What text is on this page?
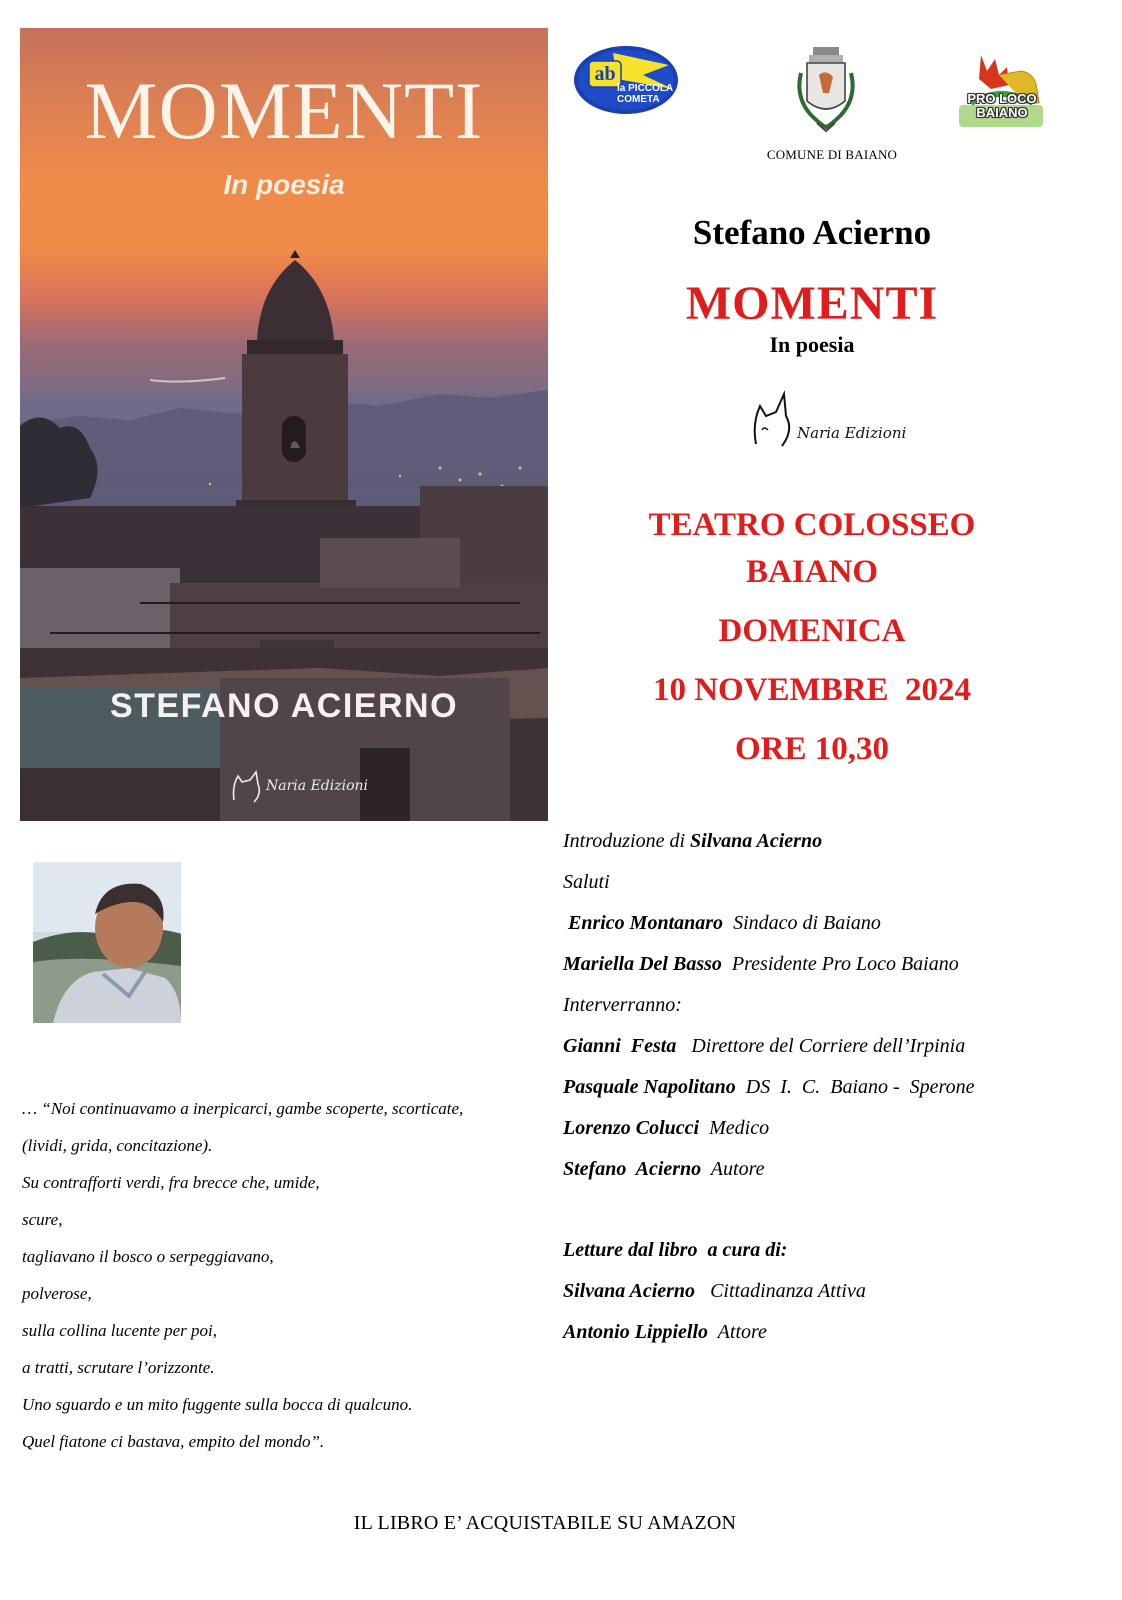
MOMENTI
In poesia
STEFANO ACIERNO
Naria Edizioni
ab
la PICCOLA
COMETA
COMUNE DI BAIANO
PRO LOCO
BAIANO
Stefano Acierno
MOMENTI
In poesia
Naria Edizioni
TEATRO COLOSSEO
BAIANO
DOMENICA
10 NOVEMBRE  2024
ORE 10,30
Introduzione di Silvana Acierno
Saluti
Enrico Montanaro  Sindaco di Baiano
Mariella Del Basso  Presidente Pro Loco Baiano
Interverranno:
Gianni  Festa   Direttore del Corriere dell’Irpinia
Pasquale Napolitano  DS  I.  C.  Baiano -  Sperone
Lorenzo Colucci  Medico
Stefano  Acierno  Autore
Letture dal libro  a cura di:
Silvana Acierno   Cittadinanza Attiva
Antonio Lippiello  Attore
… “Noi continuavamo a inerpicarci, gambe scoperte, scorticate,
(lividi, grida, concitazione).
Su contrafforti verdi, fra brecce che, umide,
scure,
tagliavano il bosco o serpeggiavano,
polverose,
sulla collina lucente per poi,
a tratti, scrutare l’orizzonte.
Uno sguardo e un mito fuggente sulla bocca di qualcuno.
Quel fiatone ci bastava, empito del mondo”.
IL LIBRO E’ ACQUISTABILE SU AMAZON
